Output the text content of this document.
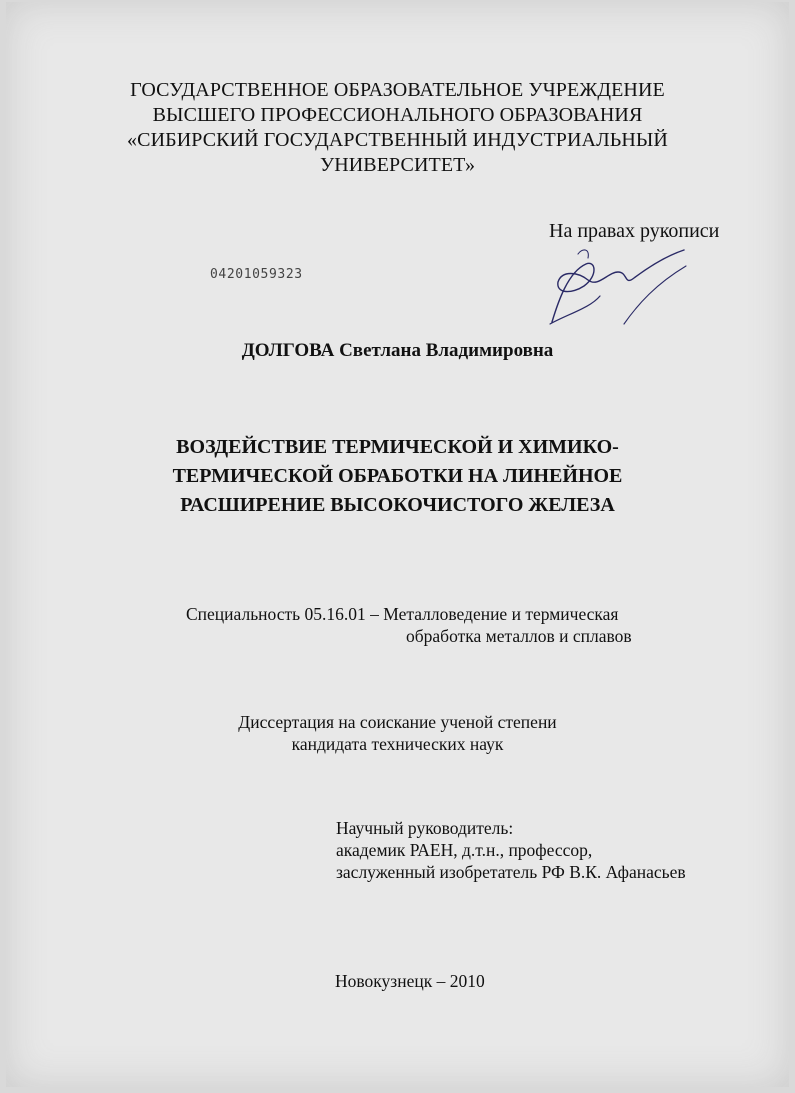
ГОСУДАРСТВЕННОЕ ОБРАЗОВАТЕЛЬНОЕ УЧРЕЖДЕНИЕ
ВЫСШЕГО ПРОФЕССИОНАЛЬНОГО ОБРАЗОВАНИЯ
«СИБИРСКИЙ ГОСУДАРСТВЕННЫЙ ИНДУСТРИАЛЬНЫЙ
УНИВЕРСИТЕТ»
На правах рукописи
04201059323
ДОЛГОВА Светлана Владимировна
ВОЗДЕЙСТВИЕ ТЕРМИЧЕСКОЙ И ХИМИКО-
ТЕРМИЧЕСКОЙ ОБРАБОТКИ НА ЛИНЕЙНОЕ
РАСШИРЕНИЕ ВЫСОКОЧИСТОГО ЖЕЛЕЗА
Специальность 05.16.01 – Металловедение и термическая
обработка металлов и сплавов
Диссертация на соискание ученой степени
кандидата технических наук
Научный руководитель:
академик РАЕН, д.т.н., профессор,
заслуженный изобретатель РФ В.К. Афанасьев
Новокузнецк – 2010
